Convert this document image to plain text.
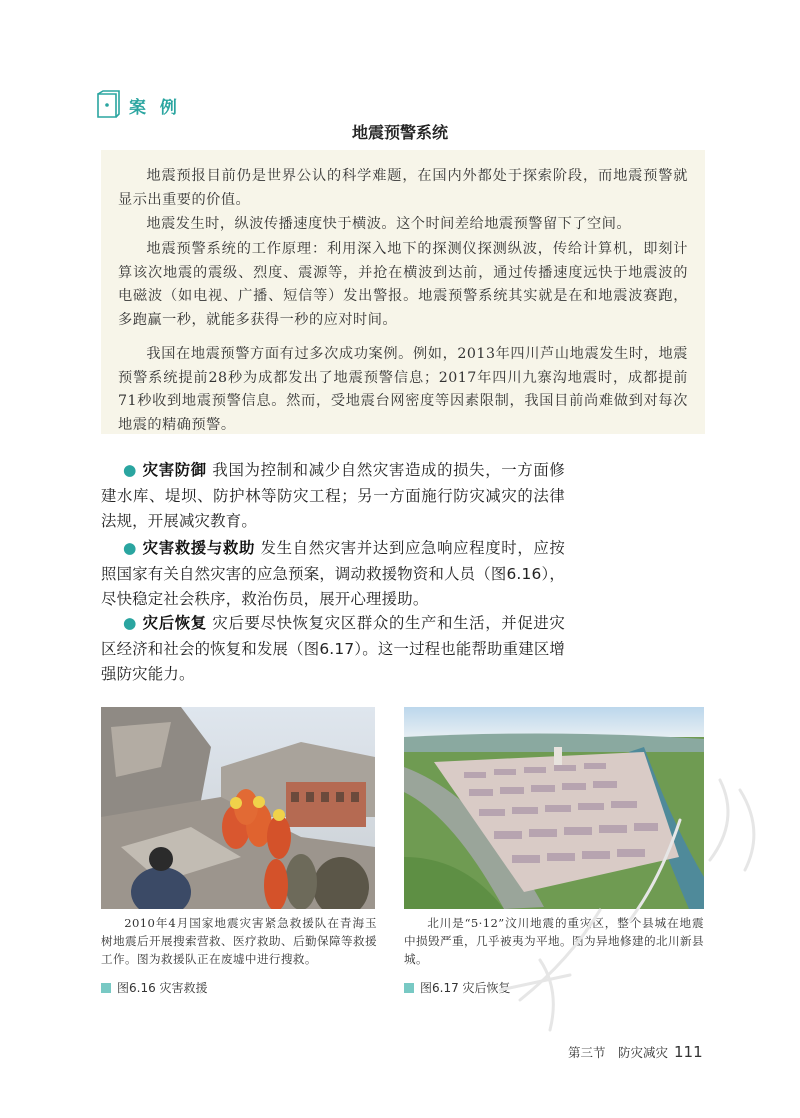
案 例
地震预警系统
地震预报目前仍是世界公认的科学难题，在国内外都处于探索阶段，而地震预警就显示出重要的价值。
地震发生时，纵波传播速度快于横波。这个时间差给地震预警留下了空间。
地震预警系统的工作原理：利用深入地下的探测仪探测纵波，传给计算机，即刻计算该次地震的震级、烈度、震源等，并抢在横波到达前，通过传播速度远快于地震波的电磁波（如电视、广播、短信等）发出警报。地震预警系统其实就是在和地震波赛跑，多跑赢一秒，就能多获得一秒的应对时间。
我国在地震预警方面有过多次成功案例。例如，2013年四川芦山地震发生时，地震预警系统提前28秒为成都发出了地震预警信息；2017年四川九寨沟地震时，成都提前71秒收到地震预警信息。然而，受地震台网密度等因素限制，我国目前尚难做到对每次地震的精确预警。
● 灾害防御 我国为控制和减少自然灾害造成的损失，一方面修建水库、堤坝、防护林等防灾工程；另一方面施行防灾减灾的法律法规，开展减灾教育。
● 灾害救援与救助 发生自然灾害并达到应急响应程度时，应按照国家有关自然灾害的应急预案，调动救援物资和人员（图6.16），尽快稳定社会秩序，救治伤员，展开心理援助。
● 灾后恢复 灾后要尽快恢复灾区群众的生产和生活，并促进灾区经济和社会的恢复和发展（图6.17）。这一过程也能帮助重建区增强防灾能力。
2010年4月国家地震灾害紧急救援队在青海玉树地震后开展搜索营救、医疗救助、后勤保障等救援工作。图为救援队正在废墟中进行搜救。
北川是“5·12”汶川地震的重灾区，整个县城在地震中损毁严重，几乎被夷为平地。图为异地修建的北川新县城。
图6.16 灾害救援	图6.17 灾后恢复
第三节　防灾减灾 111
